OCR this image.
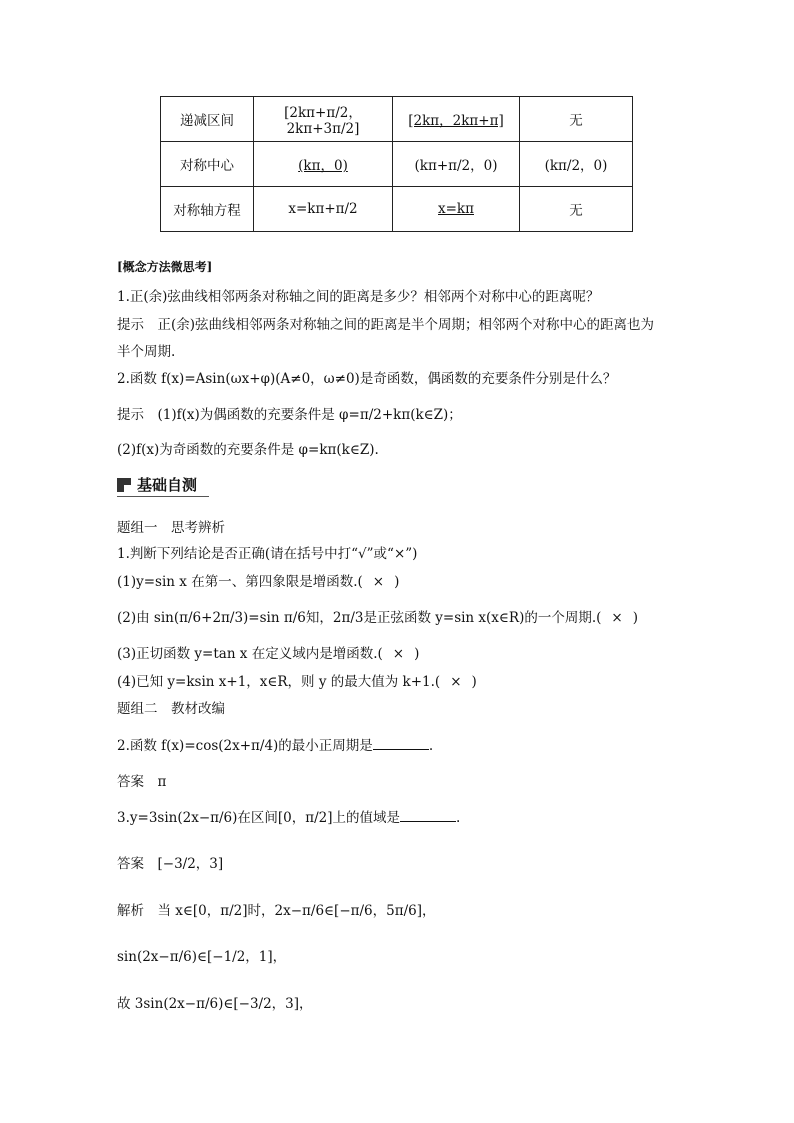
递减区间	[2kπ+π/2，2kπ+3π/2]	[2kπ，2kπ+π]	无
对称中心	(kπ，0)	(kπ+π/2，0)	(kπ/2，0)
对称轴方程	x=kπ+π/2	x=kπ	无
[概念方法微思考]
1.正(余)弦曲线相邻两条对称轴之间的距离是多少？相邻两个对称中心的距离呢？
提示　正(余)弦曲线相邻两条对称轴之间的距离是半个周期；相邻两个对称中心的距离也为
半个周期.
2.函数 f(x)=Asin(ωx+φ)(A≠0，ω≠0)是奇函数，偶函数的充要条件分别是什么？
提示　(1)f(x)为偶函数的充要条件是 φ=π/2+kπ(k∈Z)；
(2)f(x)为奇函数的充要条件是 φ=kπ(k∈Z).
基础自测
题组一　思考辨析
1.判断下列结论是否正确(请在括号中打“√”或“×”)
(1)y=sin x 在第一、第四象限是增函数.( × )
(2)由 sin(π/6+2π/3)=sin π/6知，2π/3是正弦函数 y=sin x(x∈R)的一个周期.( × )
(3)正切函数 y=tan x 在定义域内是增函数.( × )
(4)已知 y=ksin x+1，x∈R，则 y 的最大值为 k+1.( × )
题组二　教材改编
2.函数 f(x)=cos(2x+π/4)的最小正周期是	.
答案　π
3.y=3sin(2x−π/6)在区间[0，π/2]上的值域是	.
答案　[−3/2，3]
解析　当 x∈[0，π/2]时，2x−π/6∈[−π/6，5π/6]，
sin(2x−π/6)∈[−1/2，1]，
故 3sin(2x−π/6)∈[−3/2，3]，
